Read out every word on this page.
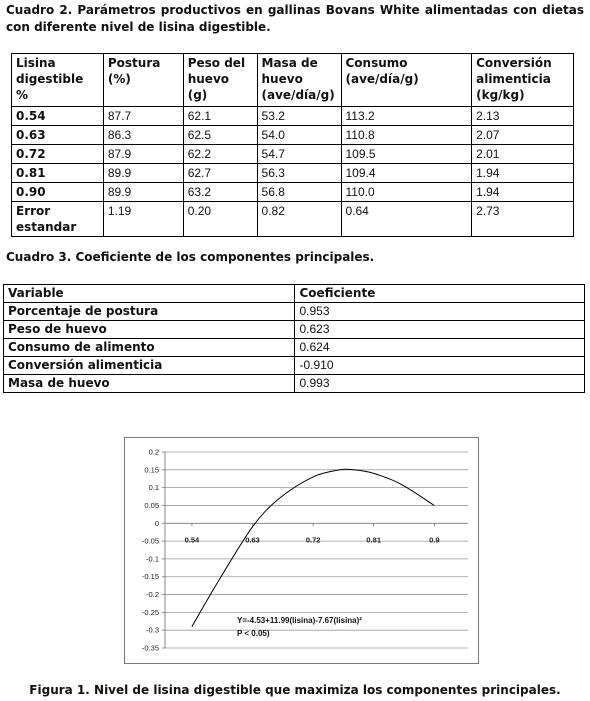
Cuadro 2. Parámetros productivos en gallinas Bovans White alimentadas con dietas con diferente nivel de lisina digestible.
Lisina digestible %	Postura (%)	Peso del huevo (g)	Masa de huevo (ave/día/g)	Consumo (ave/día/g)	Conversión alimenticia (kg/kg)
0.54	87.7	62.1	53.2	113.2	2.13
0.63	86.3	62.5	54.0	110.8	2.07
0.72	87.9	62.2	54.7	109.5	2.01
0.81	89.9	62.7	56.3	109.4	1.94
0.90	89.9	63.2	56.8	110.0	1.94
Error estandar	1.19	0.20	0.82	0.64	2.73
Cuadro 3. Coeficiente de los componentes principales.
Variable	Coeficiente
Porcentaje de postura	0.953
Peso de huevo	0.623
Consumo de alimento	0.624
Conversión alimenticia	-0.910
Masa de huevo	0.993
0.2
0.15
0.1
0.05
0
-0.05
-0.1
-0.15
-0.2
-0.25
-0.3
-0.35
0.54	0.63	0.72	0.81	0.9
Y=-4.53+11.99(lisina)-7.67(lisina)²
P < 0.05)
Figura 1. Nivel de lisina digestible que maximiza los componentes principales.
